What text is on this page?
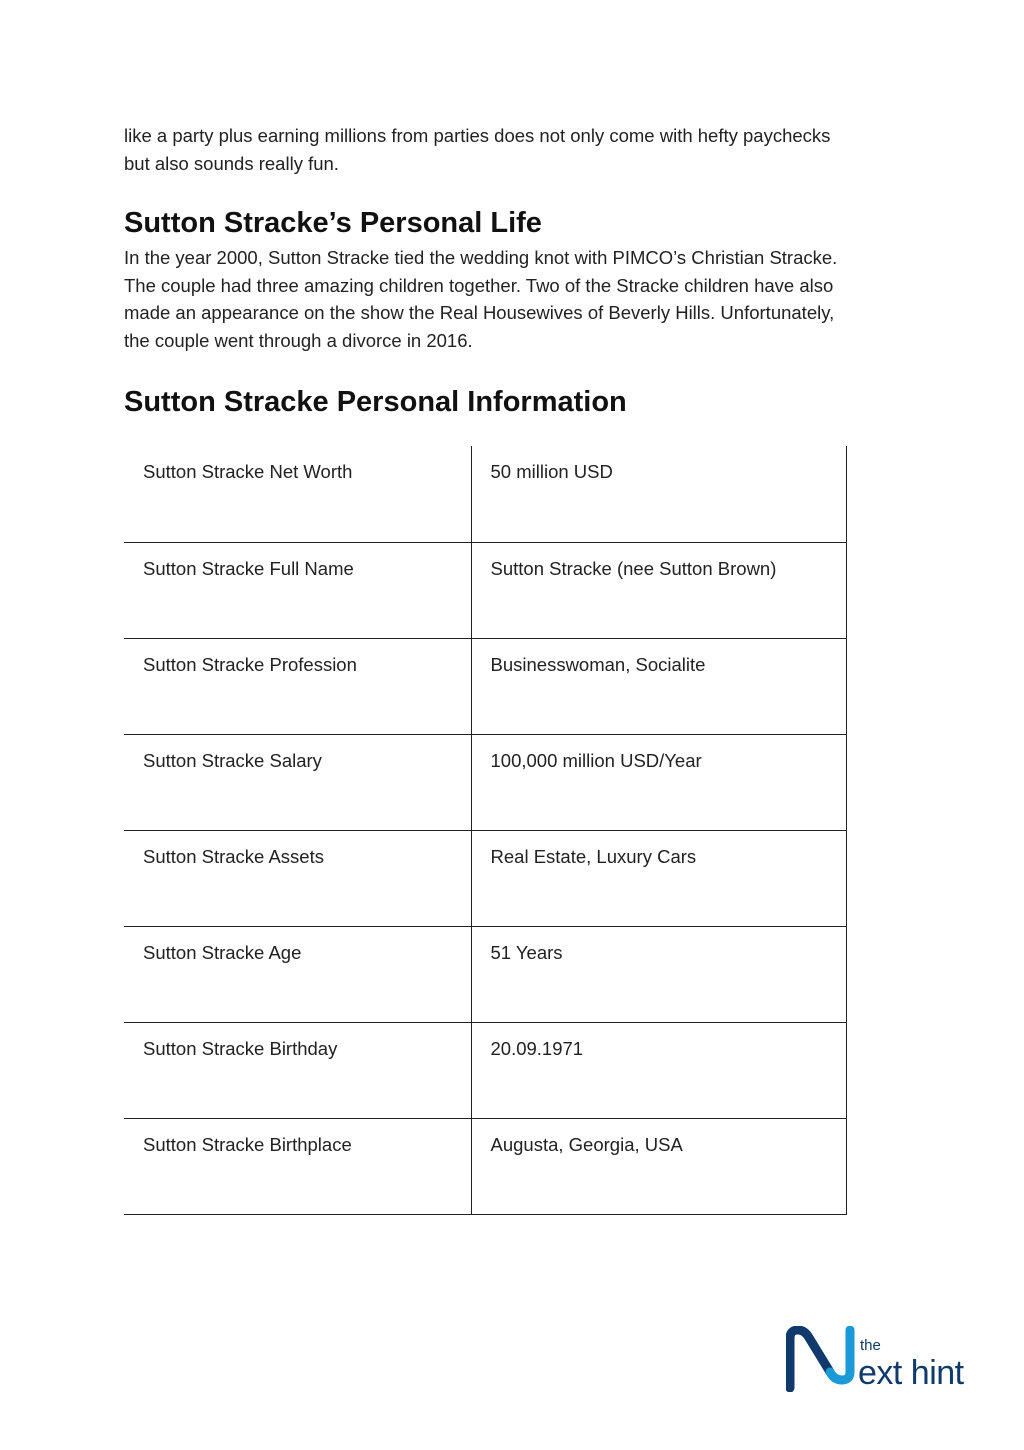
like a party plus earning millions from parties does not only come with hefty paychecks but also sounds really fun.

Sutton Stracke’s Personal Life

In the year 2000, Sutton Stracke tied the wedding knot with PIMCO’s Christian Stracke. The couple had three amazing children together. Two of the Stracke children have also made an appearance on the show the Real Housewives of Beverly Hills. Unfortunately, the couple went through a divorce in 2016.

Sutton Stracke Personal Information
Sutton Stracke Net Worth	50 million USD
Sutton Stracke Full Name	Sutton Stracke (nee Sutton Brown)
Sutton Stracke Profession	Businesswoman, Socialite
Sutton Stracke Salary	100,000 million USD/Year
Sutton Stracke Assets	Real Estate, Luxury Cars
Sutton Stracke Age	51 Years
Sutton Stracke Birthday	20.09.1971
Sutton Stracke Birthplace	Augusta, Georgia, USA
the
ext hint
